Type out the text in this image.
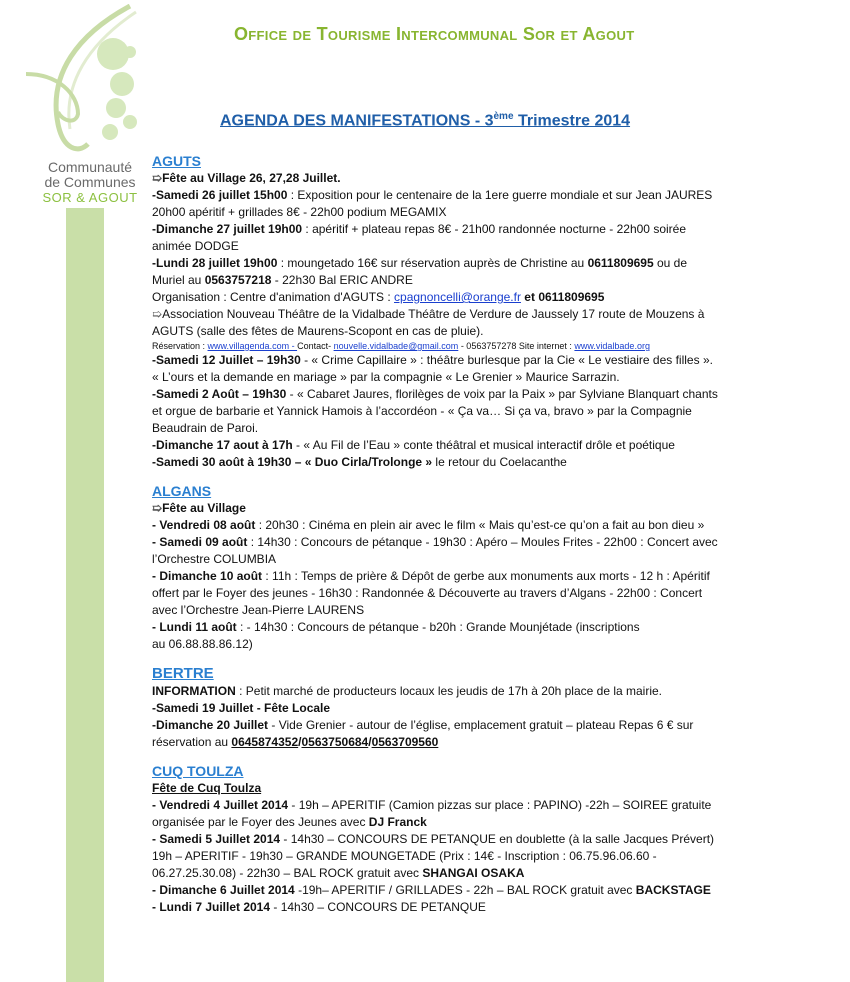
Communauté
de Communes
SOR & AGOUT
Office de Tourisme Intercommunal Sor et Agout
AGENDA DES MANIFESTATIONS - 3ème Trimestre 2014
AGUTS
➯Fête au Village 26, 27,28 Juillet.
-Samedi 26 juillet 15h00 : Exposition pour le centenaire de la 1ere guerre mondiale et sur Jean JAURES
20h00 apéritif + grillades 8€ - 22h00 podium MEGAMIX
-Dimanche 27 juillet 19h00 : apéritif + plateau repas 8€ - 21h00 randonnée nocturne - 22h00 soirée
animée DODGE
-Lundi 28 juillet 19h00 : moungetado 16€ sur réservation auprès de Christine au 0611809695 ou de
Muriel au 0563757218 - 22h30 Bal ERIC ANDRE
Organisation : Centre d'animation d'AGUTS : cpagnoncelli@orange.fr et 0611809695
➯Association Nouveau Théâtre de la Vidalbade Théâtre de Verdure de Jaussely 17 route de Mouzens à
AGUTS (salle des fêtes de Maurens-Scopont en cas de pluie).
Réservation : www.villagenda.com - Contact- nouvelle.vidalbade@gmail.com - 0563757278 Site internet : www.vidalbade.org
-Samedi 12 Juillet – 19h30 - « Crime Capillaire » : théâtre burlesque par la Cie « Le vestiaire des filles ».
« L’ours et la demande en mariage » par la compagnie « Le Grenier » Maurice Sarrazin.
-Samedi 2 Août – 19h30 - « Cabaret Jaures, florilèges de voix par la Paix » par Sylviane Blanquart chants
et orgue de barbarie et Yannick Hamois à l’accordéon - « Ça va… Si ça va, bravo » par la Compagnie
Beaudrain de Paroi.
-Dimanche 17 aout à 17h - « Au Fil de l’Eau » conte théâtral et musical interactif drôle et poétique
-Samedi 30 août à 19h30 – « Duo Cirla/Trolonge » le retour du Coelacanthe
ALGANS
➯Fête au Village
- Vendredi 08 août : 20h30 : Cinéma en plein air avec le film « Mais qu’est-ce qu’on a fait au bon dieu »
- Samedi 09 août : 14h30 : Concours de pétanque - 19h30 : Apéro – Moules Frites - 22h00 : Concert avec
l’Orchestre COLUMBIA
- Dimanche 10 août : 11h : Temps de prière & Dépôt de gerbe aux monuments aux morts - 12 h : Apéritif
offert par le Foyer des jeunes - 16h30 : Randonnée & Découverte au travers d’Algans - 22h00 : Concert
avec l’Orchestre Jean-Pierre LAURENS
- Lundi 11 août : - 14h30 : Concours de pétanque - b20h : Grande Mounjétade (inscriptions
au 06.88.88.86.12)
BERTRE
INFORMATION : Petit marché de producteurs locaux les jeudis de 17h à 20h place de la mairie.
-Samedi 19 Juillet - Fête Locale
-Dimanche 20 Juillet - Vide Grenier - autour de l’église, emplacement gratuit – plateau Repas 6 € sur
réservation au 0645874352/0563750684/0563709560
CUQ TOULZA
Fête de Cuq Toulza
- Vendredi 4 Juillet 2014 - 19h – APERITIF (Camion pizzas sur place : PAPINO) -22h – SOIREE gratuite
organisée par le Foyer des Jeunes avec DJ Franck
- Samedi 5 Juillet 2014 - 14h30 – CONCOURS DE PETANQUE en doublette (à la salle Jacques Prévert)
19h – APERITIF - 19h30 – GRANDE MOUNGETADE (Prix : 14€ - Inscription : 06.75.96.06.60 -
06.27.25.30.08) - 22h30 – BAL ROCK gratuit avec SHANGAI OSAKA
- Dimanche 6 Juillet 2014 -19h– APERITIF / GRILLADES - 22h – BAL ROCK gratuit avec BACKSTAGE
- Lundi 7 Juillet 2014 - 14h30 – CONCOURS DE PETANQUE
